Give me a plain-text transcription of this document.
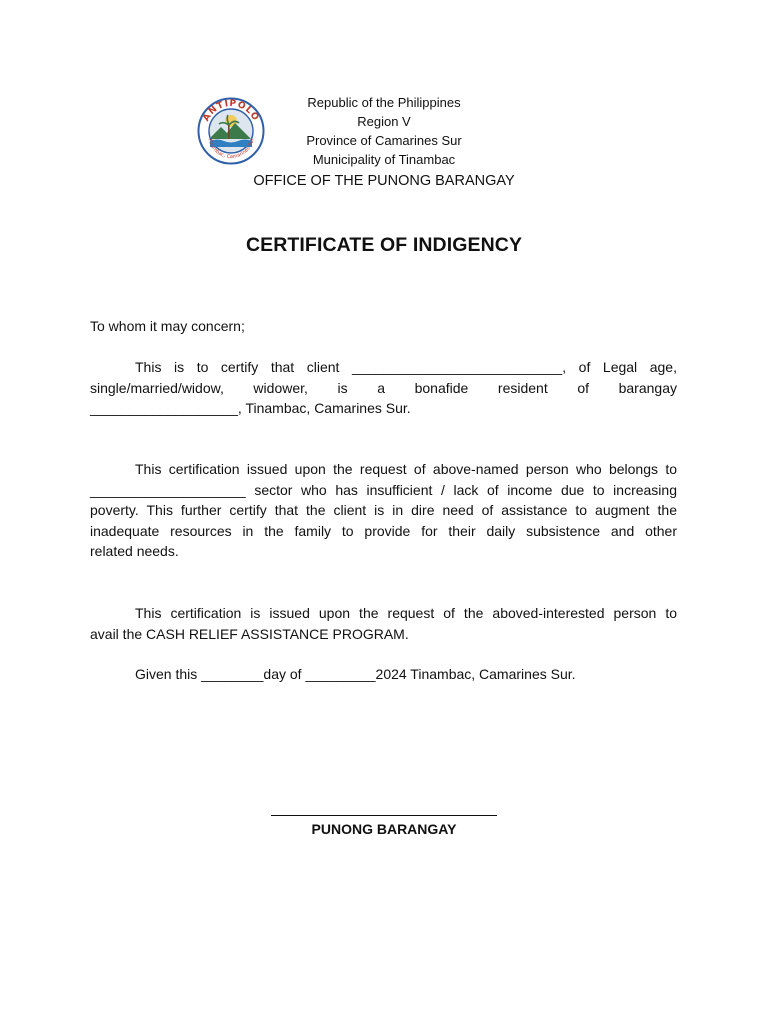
ANTIPOLO
Tinambac, Camarines Sur
Republic of the Philippines
Region V
Province of Camarines Sur
Municipality of Tinambac
OFFICE OF THE PUNONG BARANGAY
CERTIFICATE OF INDIGENCY
To whom it may concern;
This is to certify that client ___________________________, of Legal age,
single/married/widow, widower, is a bonafide resident of barangay
___________________, Tinambac, Camarines Sur.
This certification issued upon the request of above-named person who belongs to
____________________ sector who has insufficient / lack of income due to increasing
poverty. This further certify that the client is in dire need of assistance to augment the
inadequate resources in the family to provide for their daily subsistence and other
related needs.
This certification is issued upon the request of the aboved-interested person to
avail the CASH RELIEF ASSISTANCE PROGRAM.
Given this ________day of _________2024 Tinambac, Camarines Sur.
PUNONG BARANGAY
